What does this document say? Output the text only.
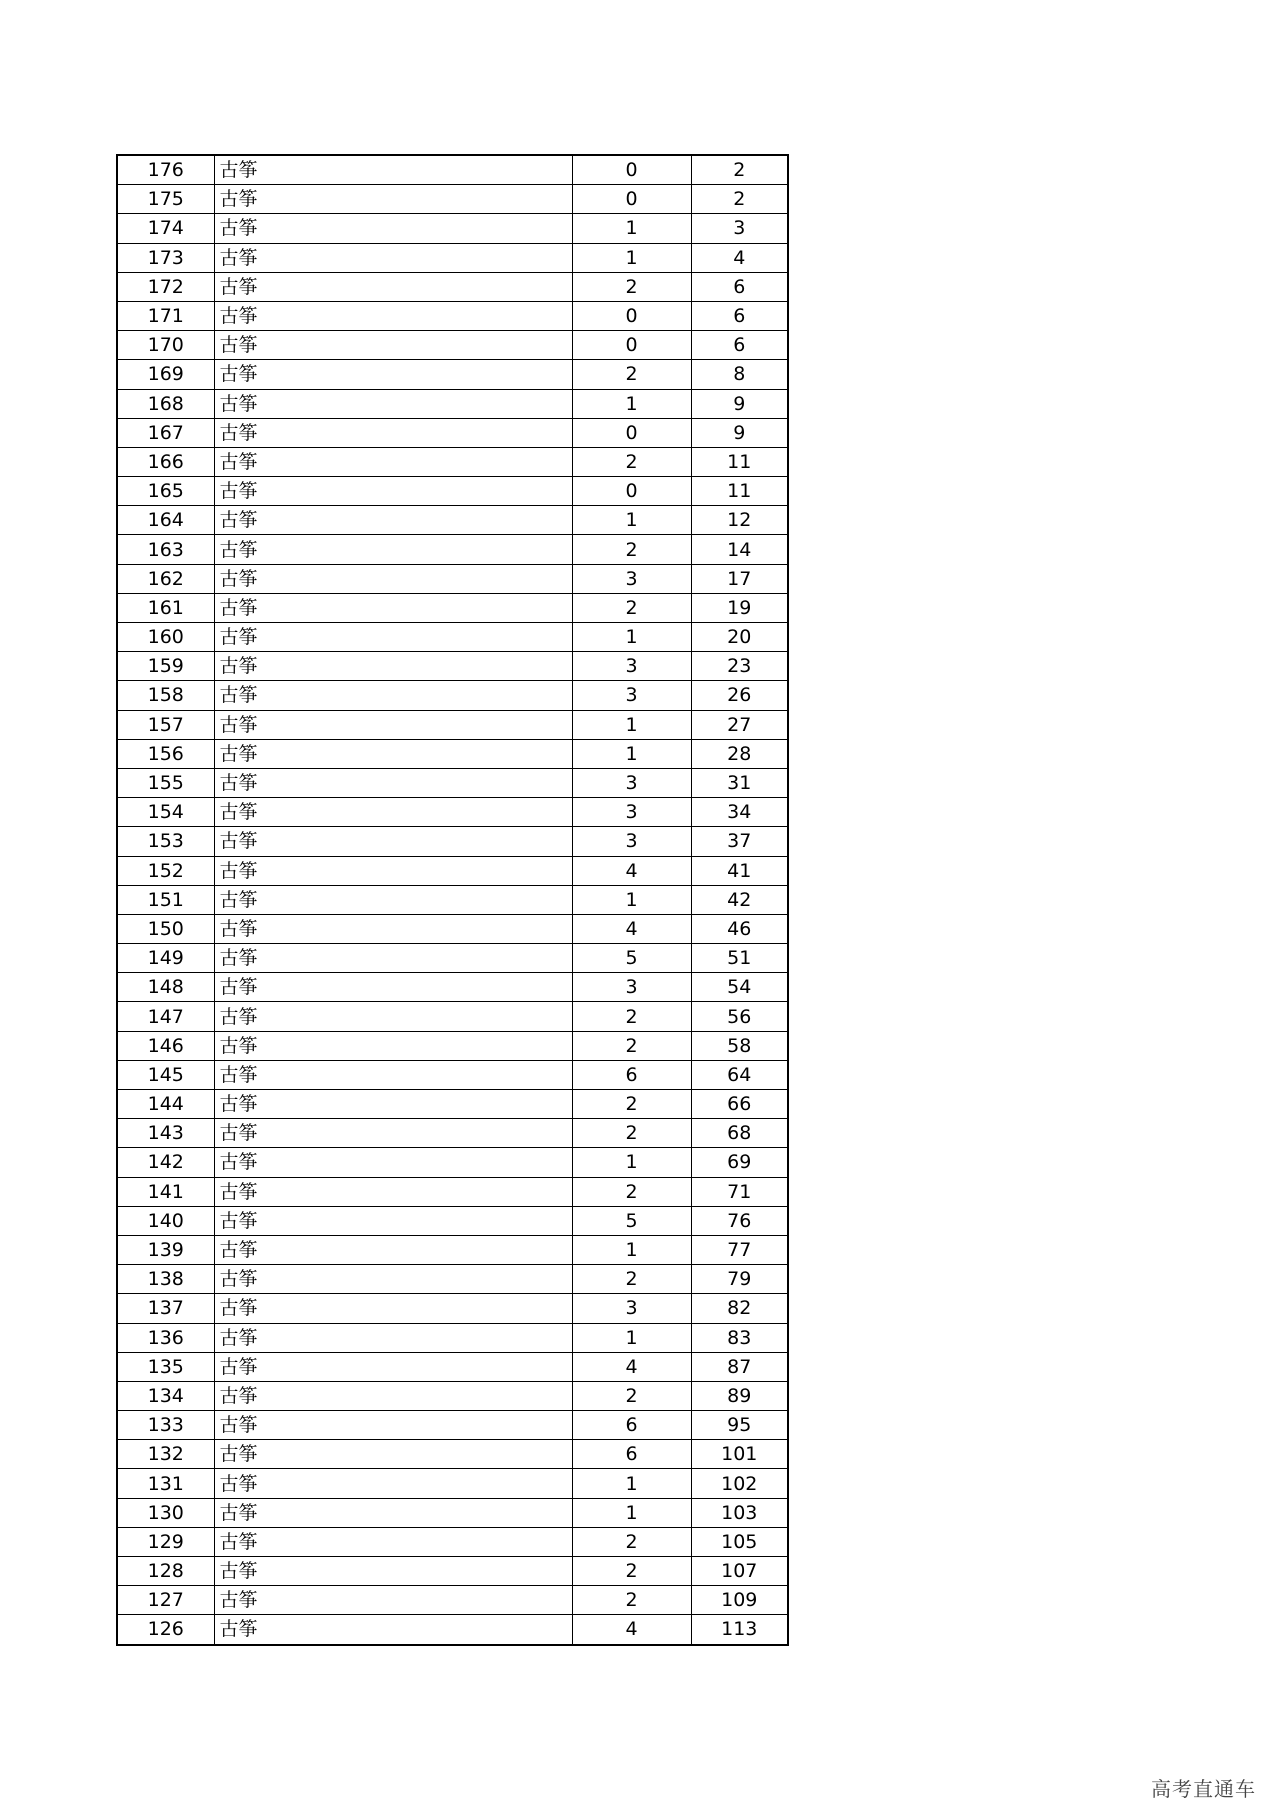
176	古筝	0	2
175	古筝	0	2
174	古筝	1	3
173	古筝	1	4
172	古筝	2	6
171	古筝	0	6
170	古筝	0	6
169	古筝	2	8
168	古筝	1	9
167	古筝	0	9
166	古筝	2	11
165	古筝	0	11
164	古筝	1	12
163	古筝	2	14
162	古筝	3	17
161	古筝	2	19
160	古筝	1	20
159	古筝	3	23
158	古筝	3	26
157	古筝	1	27
156	古筝	1	28
155	古筝	3	31
154	古筝	3	34
153	古筝	3	37
152	古筝	4	41
151	古筝	1	42
150	古筝	4	46
149	古筝	5	51
148	古筝	3	54
147	古筝	2	56
146	古筝	2	58
145	古筝	6	64
144	古筝	2	66
143	古筝	2	68
142	古筝	1	69
141	古筝	2	71
140	古筝	5	76
139	古筝	1	77
138	古筝	2	79
137	古筝	3	82
136	古筝	1	83
135	古筝	4	87
134	古筝	2	89
133	古筝	6	95
132	古筝	6	101
131	古筝	1	102
130	古筝	1	103
129	古筝	2	105
128	古筝	2	107
127	古筝	2	109
126	古筝	4	113
高考直通车
